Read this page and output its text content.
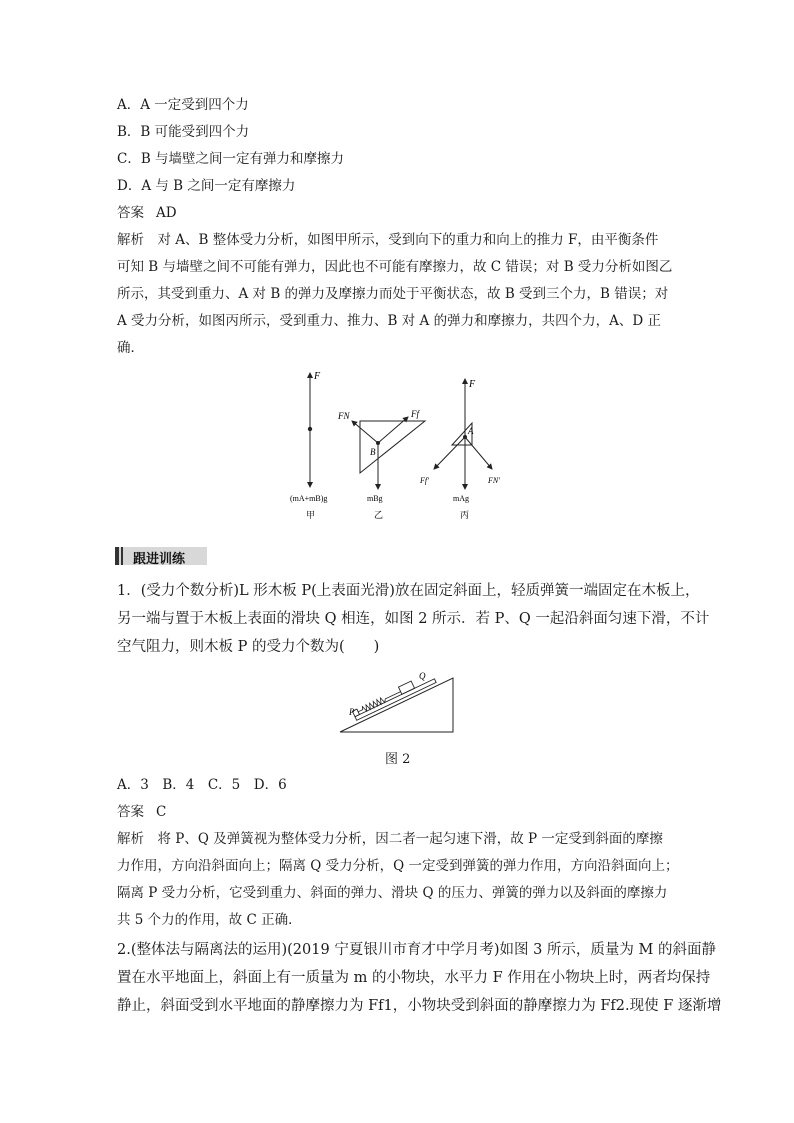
A．A 一定受到四个力
B．B 可能受到四个力
C．B 与墙壁之间一定有弹力和摩擦力
D．A 与 B 之间一定有摩擦力
答案 AD
解析　 对 A、B 整体受力分析，如图甲所示，受到向下的重力和向上的推力 F，由平衡条件
可知 B 与墙壁之间不可能有弹力，因此也不可能有摩擦力，故 C 错误；对 B 受力分析如图乙
所示，其受到重力、A 对 B 的弹力及摩擦力而处于平衡状态，故 B 受到三个力，B 错误；对
A 受力分析，如图丙所示，受到重力、推力、B 对 A 的弹力和摩擦力，共四个力，A、D 正
确．
F
(mA+mB)g
甲
FN	Ff
B
mBg
乙
F
A
Ff′	FN′
mAg
丙
跟进训练
1．(受力个数分析)L 形木板 P(上表面光滑)放在固定斜面上，轻质弹簧一端固定在木板上，
另一端与置于木板上表面的滑块 Q 相连，如图 2 所示．若 P、Q 一起沿斜面匀速下滑，不计
空气阻力，则木板 P 的受力个数为(　　)
P
Q
图 2
A．3　B．4　C．5　D．6
答案 C
解析　 将 P、Q 及弹簧视为整体受力分析，因二者一起匀速下滑，故 P 一定受到斜面的摩擦
力作用，方向沿斜面向上；隔离 Q 受力分析，Q 一定受到弹簧的弹力作用，方向沿斜面向上；
隔离 P 受力分析，它受到重力、斜面的弹力、滑块 Q 的压力、弹簧的弹力以及斜面的摩擦力
共 5 个力的作用，故 C 正确．
2.(整体法与隔离法的运用)(2019 宁夏银川市育才中学月考)如图 3 所示，质量为 M 的斜面静
置在水平地面上，斜面上有一质量为 m 的小物块，水平力 F 作用在小物块上时，两者均保持
静止，斜面受到水平地面的静摩擦力为 Ff1，小物块受到斜面的静摩擦力为 Ff2.现使 F 逐渐增
